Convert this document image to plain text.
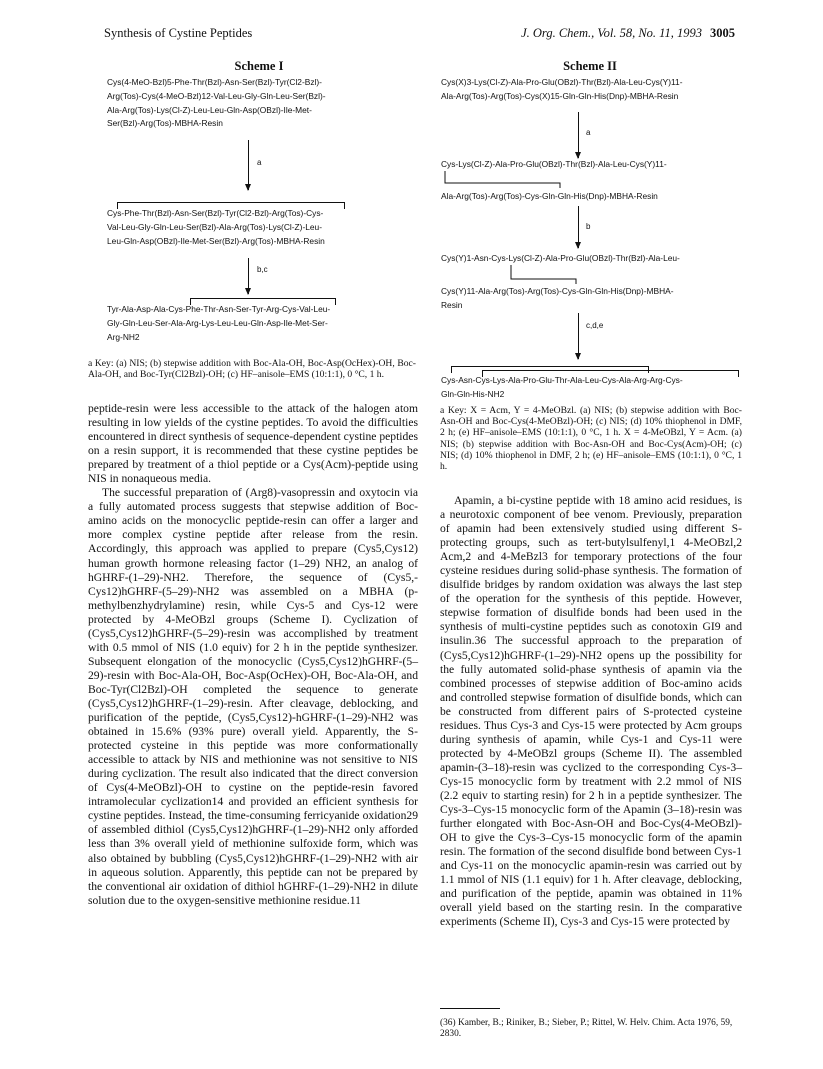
Synthesis of Cystine Peptides	J. Org. Chem., Vol. 58, No. 11, 1993 3005
Scheme I
Cys(4-MeO-Bzl)5-Phe-Thr(Bzl)-Asn-Ser(Bzl)-Tyr(Cl2-Bzl)-
Arg(Tos)-Cys(4-MeO-Bzl)12-Val-Leu-Gly-Gln-Leu-Ser(Bzl)-
Ala-Arg(Tos)-Lys(Cl-Z)-Leu-Leu-Gln-Asp(OBzl)-Ile-Met-
Ser(Bzl)-Arg(Tos)-MBHA-Resin
a
Cys-Phe-Thr(Bzl)-Asn-Ser(Bzl)-Tyr(Cl2-Bzl)-Arg(Tos)-Cys-
Val-Leu-Gly-Gln-Leu-Ser(Bzl)-Ala-Arg(Tos)-Lys(Cl-Z)-Leu-
Leu-Gln-Asp(OBzl)-Ile-Met-Ser(Bzl)-Arg(Tos)-MBHA-Resin
b,c
Tyr-Ala-Asp-Ala-Cys-Phe-Thr-Asn-Ser-Tyr-Arg-Cys-Val-Leu-
Gly-Gln-Leu-Ser-Ala-Arg-Lys-Leu-Leu-Gln-Asp-Ile-Met-Ser-
Arg-NH2
a Key: (a) NIS; (b) stepwise addition with Boc-Ala-OH, Boc-Asp(OcHex)-OH, Boc-Ala-OH, and Boc-Tyr(Cl2Bzl)-OH; (c) HF–anisole–EMS (10:1:1), 0 °C, 1 h.
Scheme II
Cys(X)3-Lys(Cl-Z)-Ala-Pro-Glu(OBzl)-Thr(Bzl)-Ala-Leu-Cys(Y)11-
Ala-Arg(Tos)-Arg(Tos)-Cys(X)15-Gln-Gln-His(Dnp)-MBHA-Resin
a
Cys-Lys(Cl-Z)-Ala-Pro-Glu(OBzl)-Thr(Bzl)-Ala-Leu-Cys(Y)11-
Ala-Arg(Tos)-Arg(Tos)-Cys-Gln-Gln-His(Dnp)-MBHA-Resin
b
Cys(Y)1-Asn-Cys-Lys(Cl-Z)-Ala-Pro-Glu(OBzl)-Thr(Bzl)-Ala-Leu-
Cys(Y)11-Ala-Arg(Tos)-Arg(Tos)-Cys-Gln-Gln-His(Dnp)-MBHA-
Resin
c,d,e
Cys-Asn-Cys-Lys-Ala-Pro-Glu-Thr-Ala-Leu-Cys-Ala-Arg-Arg-Cys-
Gln-Gln-His-NH2
a Key: X = Acm, Y = 4-MeOBzl. (a) NIS; (b) stepwise addition with Boc-Asn-OH and Boc-Cys(4-MeOBzl)-OH; (c) NIS; (d) 10% thiophenol in DMF, 2 h; (e) HF–anisole–EMS (10:1:1), 0 °C, 1 h. X = 4-MeOBzl, Y = Acm. (a) NIS; (b) stepwise addition with Boc-Asn-OH and Boc-Cys(Acm)-OH; (c) NIS; (d) 10% thiophenol in DMF, 2 h; (e) HF–anisole–EMS (10:1:1), 0 °C, 1 h.

peptide-resin were less accessible to the attack of the halogen atom resulting in low yields of the cystine peptides. To avoid the difficulties encountered in direct synthesis of sequence-dependent cystine peptides on a resin support, it is recommended that these cystine peptides be prepared by treatment of a thiol peptide or a Cys(Acm)-peptide using NIS in nonaqueous media.

The successful preparation of (Arg8)-vasopressin and oxytocin via a fully automated process suggests that stepwise addition of Boc-amino acids on the monocyclic peptide-resin can offer a larger and more complex cystine peptide after release from the resin. Accordingly, this approach was applied to prepare (Cys5,Cys12) human growth hormone releasing factor (1–29) NH2, an analog of hGHRF-(1–29)-NH2. Therefore, the sequence of (Cys5,-Cys12)hGHRF-(5–29)-NH2 was assembled on a MBHA (p-methylbenzhydrylamine) resin, while Cys-5 and Cys-12 were protected by 4-MeOBzl groups (Scheme I). Cyclization of (Cys5,Cys12)hGHRF-(5–29)-resin was accomplished by treatment with 0.5 mmol of NIS (1.0 equiv) for 2 h in the peptide synthesizer. Subsequent elongation of the monocyclic (Cys5,Cys12)hGHRF-(5–29)-resin with Boc-Ala-OH, Boc-Asp(OcHex)-OH, Boc-Ala-OH, and Boc-Tyr(Cl2Bzl)-OH completed the sequence to generate (Cys5,Cys12)hGHRF-(1–29)-resin. After cleavage, deblocking, and purification of the peptide, (Cys5,Cys12)-hGHRF-(1–29)-NH2 was obtained in 15.6% (93% pure) overall yield. Apparently, the S-protected cysteine in this peptide was more conformationally accessible to attack by NIS and methionine was not sensitive to NIS during cyclization. The result also indicated that the direct conversion of Cys(4-MeOBzl)-OH to cystine on the peptide-resin favored intramolecular cyclization14 and provided an efficient synthesis for cystine peptides. Instead, the time-consuming ferricyanide oxidation29 of assembled dithiol (Cys5,Cys12)hGHRF-(1–29)-NH2 only afforded less than 3% overall yield of methionine sulfoxide form, which was also obtained by bubbling (Cys5,Cys12)hGHRF-(1–29)-NH2 with air in aqueous solution. Apparently, this peptide can not be prepared by the conventional air oxidation of dithiol hGHRF-(1–29)-NH2 in dilute solution due to the oxygen-sensitive methionine residue.11

Apamin, a bi-cystine peptide with 18 amino acid residues, is a neurotoxic component of bee venom. Previously, preparation of apamin had been extensively studied using different S-protecting groups, such as tert-butylsulfenyl,1 4-MeOBzl,2 Acm,2 and 4-MeBzl3 for temporary protections of the four cysteine residues during solid-phase synthesis. The formation of disulfide bridges by random oxidation was always the last step of the operation for the synthesis of this peptide. However, stepwise formation of disulfide bonds had been used in the synthesis of multi-cystine peptides such as conotoxin GI9 and insulin.36 The successful approach to the preparation of (Cys5,Cys12)hGHRF-(1–29)-NH2 opens up the possibility for the fully automated solid-phase synthesis of apamin via the combined processes of stepwise addition of Boc-amino acids and controlled stepwise formation of disulfide bonds, which can be constructed from different pairs of S-protected cysteine residues. Thus Cys-3 and Cys-15 were protected by Acm groups during synthesis of apamin, while Cys-1 and Cys-11 were protected by 4-MeOBzl groups (Scheme II). The assembled apamin-(3–18)-resin was cyclized to the corresponding Cys-3–Cys-15 monocyclic form by treatment with 2.2 mmol of NIS (2.2 equiv to starting resin) for 2 h in a peptide synthesizer. The Cys-3–Cys-15 monocyclic form of the Apamin (3–18)-resin was further elongated with Boc-Asn-OH and Boc-Cys(4-MeOBzl)-OH to give the Cys-3–Cys-15 monocyclic form of the apamin resin. The formation of the second disulfide bond between Cys-1 and Cys-11 on the monocyclic apamin-resin was carried out by 1.1 mmol of NIS (1.1 equiv) for 1 h. After cleavage, deblocking, and purification of the peptide, apamin was obtained in 11% overall yield based on the starting resin. In the comparative experiments (Scheme II), Cys-3 and Cys-15 were protected by

(36) Kamber, B.; Riniker, B.; Sieber, P.; Rittel, W. Helv. Chim. Acta 1976, 59, 2830.
